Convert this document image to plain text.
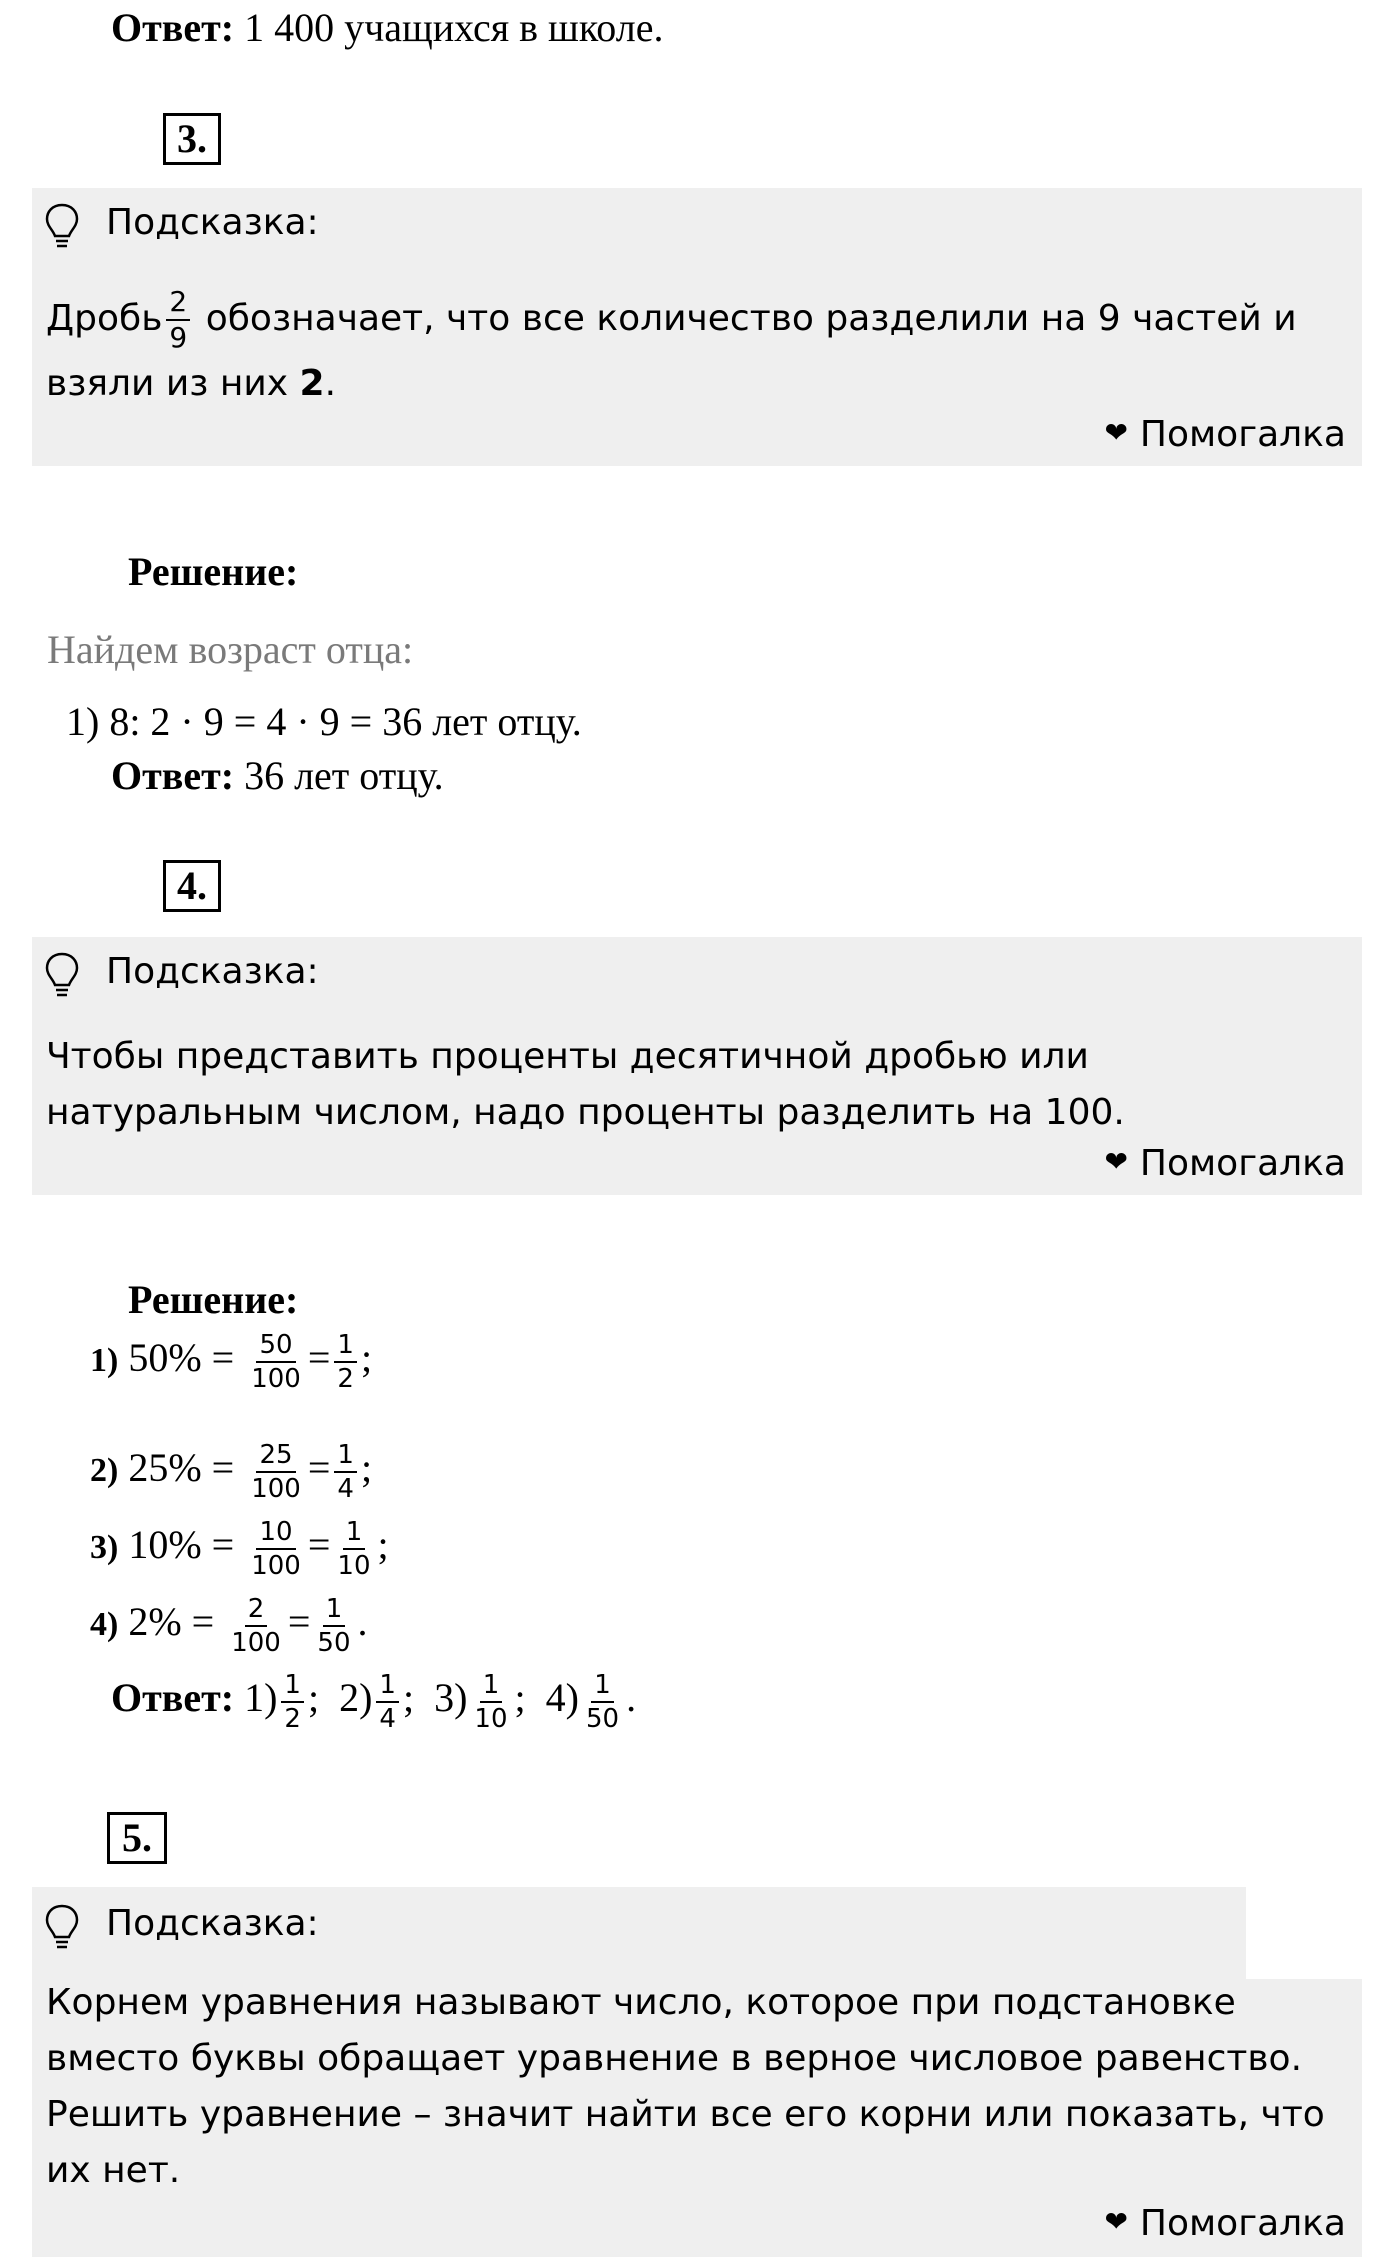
Ответ: 1 400 учащихся в школе.
3.
Подсказка:
Дробь $\frac{2}{9}$ обозначает, что все количество разделили на 9 частей и
взяли из них 2.
❤ Помогалка
Решение:
Найдем возраст отца:
1) 8: 2 · 9 = 4 · 9 = 36 лет отцу.
Ответ: 36 лет отцу.
4.
Подсказка:
Чтобы представить проценты десятичной дробью или
натуральным числом, надо проценты разделить на 100.
❤ Помогалка
Решение:
1) $50\% = \frac{50}{100} = \frac{1}{2}$ ;
2) $25\% = \frac{25}{100} = \frac{1}{4}$ ;
3) $10\% = \frac{10}{100} = \frac{1}{10}$ ;
4) $2\% = \frac{2}{100} = \frac{1}{50}$ .
Ответ: $1) \frac{1}{2}$ ; $2) \frac{1}{4}$ ; $3) \frac{1}{10}$ ; $4) \frac{1}{50}$ .
5.
Подсказка:
Корнем уравнения называют число, которое при подстановке
вместо буквы обращает уравнение в верное числовое равенство.
Решить уравнение – значит найти все его корни или показать, что
их нет.
❤ Помогалка
